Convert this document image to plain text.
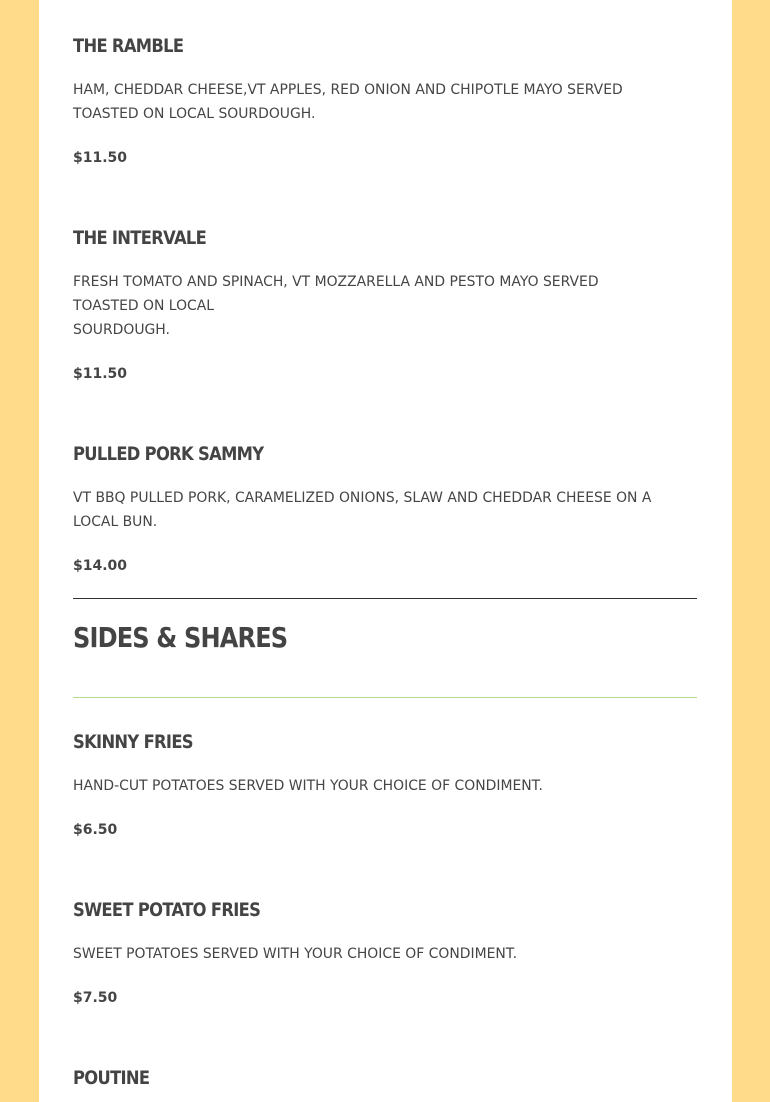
THE RAMBLE

HAM, CHEDDAR CHEESE,VT APPLES, RED ONION AND CHIPOTLE MAYO SERVED TOASTED ON LOCAL SOURDOUGH.

$11.50

THE INTERVALE

FRESH TOMATO AND SPINACH, VT MOZZARELLA AND PESTO MAYO SERVED TOASTED ON LOCAL
SOURDOUGH.

$11.50

PULLED PORK SAMMY

VT BBQ PULLED PORK, CARAMELIZED ONIONS, SLAW AND CHEDDAR CHEESE ON A LOCAL BUN.

$14.00

SIDES & SHARES
SKINNY FRIES

HAND-CUT POTATOES SERVED WITH YOUR CHOICE OF CONDIMENT.

$6.50

SWEET POTATO FRIES

SWEET POTATOES SERVED WITH YOUR CHOICE OF CONDIMENT.

$7.50

POUTINE
